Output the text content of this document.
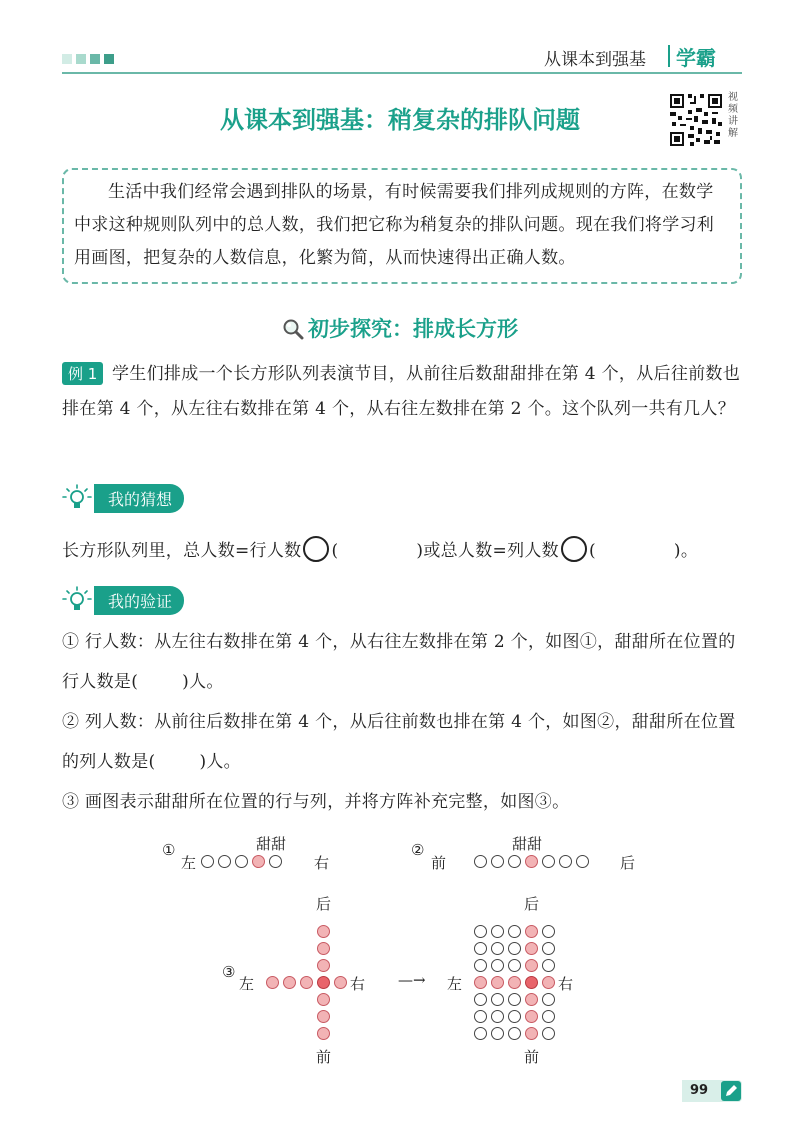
从课本到强基 学霸
从课本到强基：稍复杂的排队问题
视频讲解
生活中我们经常会遇到排队的场景，有时候需要我们排列成规则的方阵，在数学中求这种规则队列中的总人数，我们把它称为稍复杂的排队问题。现在我们将学习利用画图，把复杂的人数信息，化繁为简，从而快速得出正确人数。
初步探究：排成长方形
学生们排成一个长方形队列表演节目，从前往后数甜甜排在第 4 个，从后往前数也排在第 4 个，从左往右数排在第 4 个，从右往左数排在第 2 个。这个队列一共有几人？
例 1
我的猜想
长方形队列里，总人数=行人数 (	)或总人数=列人数 (	)。
我的验证
① 行人数：从左往右数排在第 4 个，从右往左数排在第 2 个，如图①，甜甜所在位置的行人数是(	)人。
② 列人数：从前往后数排在第 4 个，从后往前数也排在第 4 个，如图②，甜甜所在位置的列人数是(	)人。
③ 画图表示甜甜所在位置的行与列，并将方阵补充完整，如图③。
①	甜甜
左	右
②	甜甜
前	后
③
左	右
后
前
—→ 左	右
后
前
99
